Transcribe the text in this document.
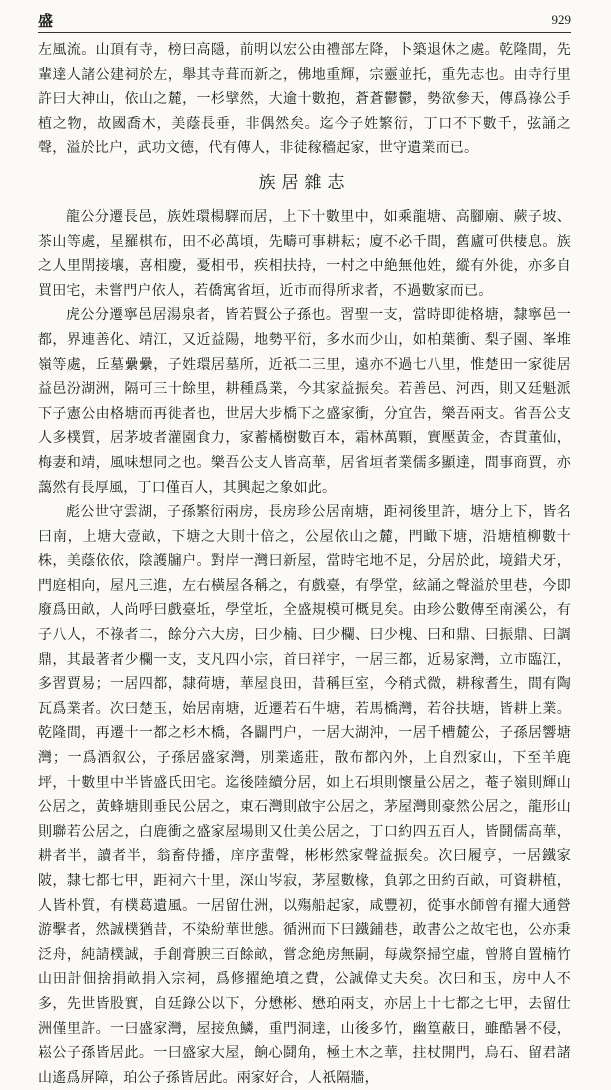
盛	929

左風流。山頂有寺，榜曰高隱，前明以宏公由禮部左降，卜築退休之處。乾隆間，先輩達人諸公建祠於左，舉其寺葺而新之，佛地重輝，宗靈並托，重先志也。由寺行里許曰大神山，依山之麓，一杉擘然，大逾十數抱，蒼蒼鬱鬱，勢欲參天，傳爲祿公手植之物，故國喬木，美蔭長垂，非偶然矣。迄今子姓繁衍，丁口不下數千，弦誦之聲，溢於比户，武功文德，代有傳人，非徒稼穡起家，世守遺業而已。

族居雜志

龍公分遷長邑，族姓環楊驛而居，上下十數里中，如乘龍塘、高腳廟、蕨子坡、茶山等處，星羅棋布，田不必萬頃，先疇可事耕耘；廈不必千間，舊廬可供棲息。族之人里閈接壤，喜相慶，憂相弔，疾相扶持，一村之中絶無他姓，縱有外徙，亦多自買田宅，未嘗門户依人，若僑寓省垣，近市而得所求者，不過數家而已。

虎公分遷寧邑居湯泉者，皆若賢公子孫也。習聖一支，當時即徙格塘，隸寧邑一都，界連善化、靖江，又近益陽，地勢平衍，多水而少山，如柏葉衝、梨子園、峯堆嶺等處，丘墓纍纍，子姓環居墓所，近祇二三里，遠亦不過七八里，惟楚田一家徙居益邑汾湖洲，隔可三十餘里，耕種爲業，今其家益振矣。若善邑、河西，則又廷魁派下子憲公由格塘而再徙者也，世居大步橋下之盛家衝，分宜告，樂吾兩支。省吾公支人多樸質，居茅坡者灌園食力，家蓄橘樹數百本，霜林萬顆，實壓黃金，杏貫董仙，梅妻和靖，風味想同之也。樂吾公支人皆高華，居省垣者業儒多顯達，間事商賈，亦藹然有長厚風，丁口僅百人，其興起之象如此。

彪公世守雲湖，子孫繁衍兩房，長房珍公居南塘，距祠後里許，塘分上下，皆名曰南，上塘大壹畝，下塘之大則十倍之，公屋依山之麓，門瞰下塘，沿塘植柳數十株，美蔭依依，陰護牖户。對岸一灣曰新屋，當時宅地不足，分居於此，境錯犬牙，門庭相向，屋凡三進，左右橫屋各稱之，有戲臺，有學堂，絃誦之聲溢於里巷，今即廢爲田畝，人尚呼曰戲臺坵，學堂坵，全盛規模可概見矣。由珍公數傳至南溪公，有子八人，不祿者二，餘分六大房，曰少楠、曰少欄、曰少槐、曰和鼎、曰振鼎、曰調鼎，其最著者少欄一支，支凡四小宗，首曰祥宇，一居三都，近易家灣，立市臨江，多習賈易；一居四都，隸荷塘，華屋良田，昔稱巨室，今稍式微，耕稼耆生，間有陶瓦爲業者。次曰楚玉，始居南塘，近遷若石牛塘，若馬橋灣，若谷扶塘，皆耕上業。乾隆間，再遷十一都之杉木橋，各闢門户，一居大湖沖，一居千槽麓公，子孫居響塘灣；一爲酒叙公，子孫居盛家灣，別業遙莊，散布都內外，上自烈家山，下至羊鹿坪，十數里中半皆盛氏田宅。迄後陸續分居，如上石垻則懷量公居之，菴子嶺則輝山公居之，黃蜂塘則垂民公居之，東石灣則啟宇公居之，茅屋灣則豪然公居之，龍形山則聯若公居之，白鹿衝之盛家屋場則又仕美公居之，丁口約四五百人，皆鬪儒高華，耕者半，讀者半，翁畜侍播，庠序蜚聲，彬彬然家聲益振矣。次曰履亨，一居鐵家陂，隸七都七甲，距祠六十里，深山岑寂，茅屋數椽，負郭之田約百畝，可資耕植，人皆朴質，有樸葛遺風。一居留仕洲，以殤船起家，咸豐初，從事水師曾有擢大通營游擊者，然誠樸猶昔，不染紛華世態。循洲而下曰鐵鋪巷，敢書公之故宅也，公亦秉泛舟，純請樸誠，手創膏腴三百餘畝，嘗念絶房無嗣，每歲祭掃空虛，曾將自置楠竹山田計佃捨捐畝捐入宗祠，爲修擢絶墳之費，公誠偉丈夫矣。次曰和玉，房中人不多，先世皆股實，自廷錄公以下，分懋彬、懋珀兩支，亦居上十七都之七甲，去留仕洲僅里許。一曰盛家灣，屋接魚鱗，重門洞達，山後多竹，幽篁蔽日，雖酷暑不侵，崧公子孫皆居此。一曰盛家大屋，餉心鬪角，極土木之華，拄杖開門，烏石、留君諸山遙爲屏障，珀公子孫皆居此。兩家好合，人祇隔牆，
